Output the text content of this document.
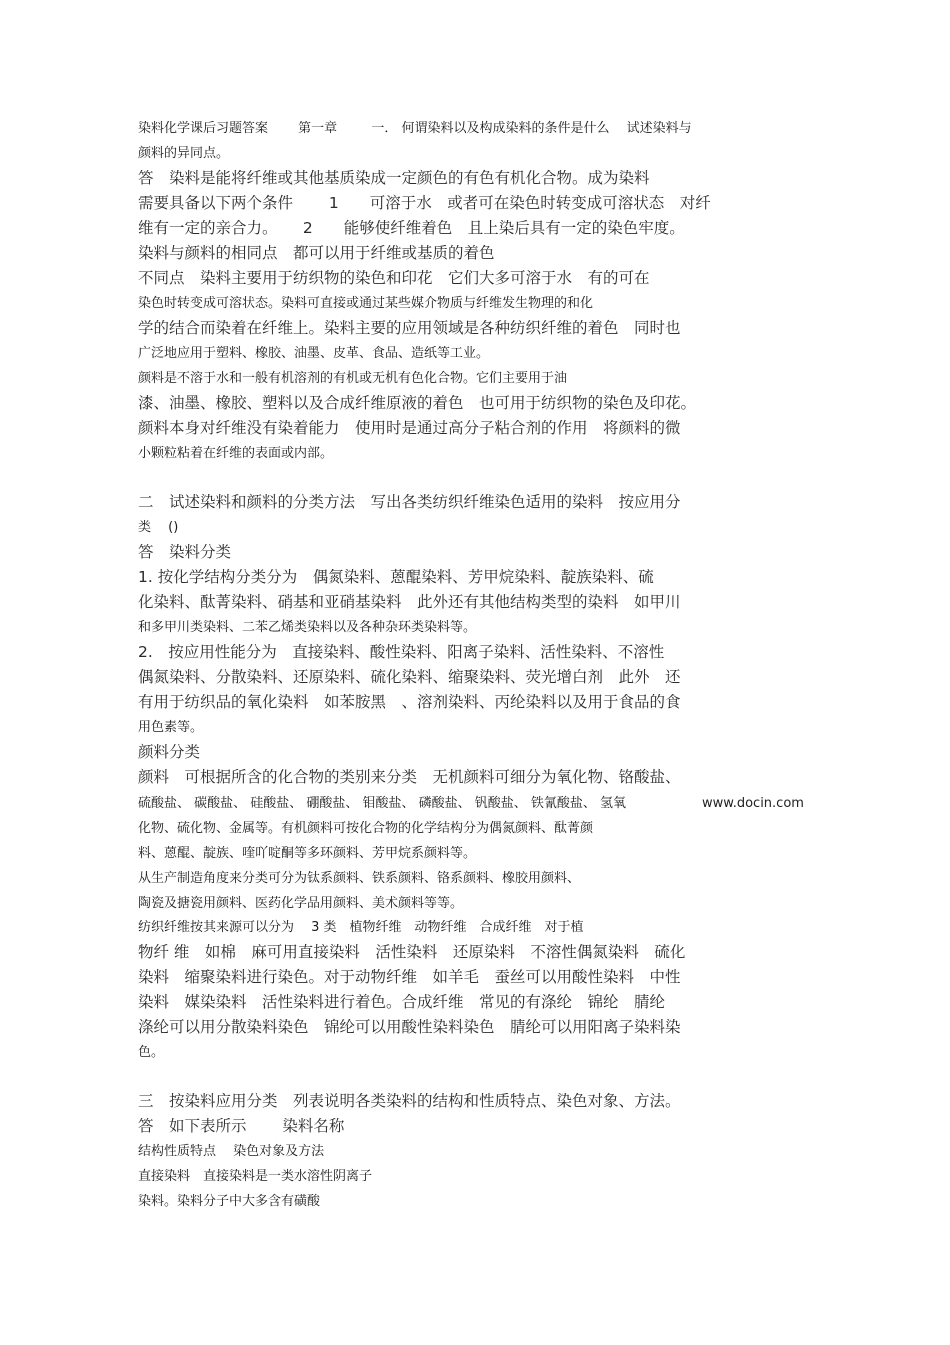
染料化学课后习题答案 　　第一章 　　 一． 何谓染料以及构成染料的条件是什么 　试述染料与
颜料的异同点。
答　染料是能将纤维或其他基质染成一定颜色的有色有机化合物。成为染料
需要具备以下两个条件 　　1　　可溶于水　或者可在染色时转变成可溶状态　对纤
维有一定的亲合力。 　 2　　能够使纤维着色　且上染后具有一定的染色牢度。
染料与颜料的相同点　都可以用于纤维或基质的着色
不同点　染料主要用于纺织物的染色和印花　它们大多可溶于水　有的可在
染色时转变成可溶状态。染料可直接或通过某些媒介物质与纤维发生物理的和化
学的结合而染着在纤维上。染料主要的应用领域是各种纺织纤维的着色　同时也
广泛地应用于塑料、橡胶、油墨、皮革、食品、造纸等工业。
颜料是不溶于水和一般有机溶剂的有机或无机有色化合物。它们主要用于油
漆、油墨、橡胶、塑料以及合成纤维原液的着色　也可用于纺织物的染色及印花。
颜料本身对纤维没有染着能力　使用时是通过高分子粘合剂的作用　将颜料的微
小颗粒粘着在纤维的表面或内部。
二　试述染料和颜料的分类方法　写出各类纺织纤维染色适用的染料　按应用分
类 　()
答　染料分类
1. 按化学结构分类分为　偶氮染料、蒽醌染料、芳甲烷染料、靛族染料、硫
化染料、酞菁染料、硝基和亚硝基染料　此外还有其他结构类型的染料　如甲川
和多甲川类染料、二苯乙烯类染料以及各种杂环类染料等。
2.　按应用性能分为　直接染料、酸性染料、阳离子染料、活性染料、不溶性
偶氮染料、分散染料、还原染料、硫化染料、缩聚染料、荧光增白剂　此外　还
有用于纺织品的氧化染料　如苯胺黑　、溶剂染料、丙纶染料以及用于食品的食
用色素等。
颜料分类
颜料　可根据所含的化合物的类别来分类　无机颜料可细分为氧化物、铬酸盐、
硫酸盐、 碳酸盐、 硅酸盐、 硼酸盐、 钼酸盐、 磷酸盐、 钒酸盐、 铁氰酸盐、 氢氧	www.docin.com
化物、硫化物、金属等。有机颜料可按化合物的化学结构分为偶氮颜料、酞菁颜
料、蒽醌、靛族、喹吖啶酮等多环颜料、芳甲烷系颜料等。
从生产制造角度来分类可分为钛系颜料、铁系颜料、铬系颜料、橡胶用颜料、
陶瓷及搪瓷用颜料、医药化学品用颜料、美术颜料等等。
纺织纤维按其来源可以分为　 3 类　植物纤维　动物纤维　合成纤维　对于植
物纤 维　如棉　麻可用直接染料　活性染料　还原染料　不溶性偶氮染料　硫化
染料　缩聚染料进行染色。对于动物纤维　如羊毛　蚕丝可以用酸性染料　中性
染料　媒染染料　活性染料进行着色。合成纤维　常见的有涤纶　锦纶　腈纶
涤纶可以用分散染料染色　锦纶可以用酸性染料染色　腈纶可以用阳离子染料染
色。
三　按染料应用分类　列表说明各类染料的结构和性质特点、染色对象、方法。
答　如下表所示　　 染料名称
结构性质特点　 染色对象及方法
直接染料　直接染料是一类水溶性阴离子
染料。染料分子中大多含有磺酸
